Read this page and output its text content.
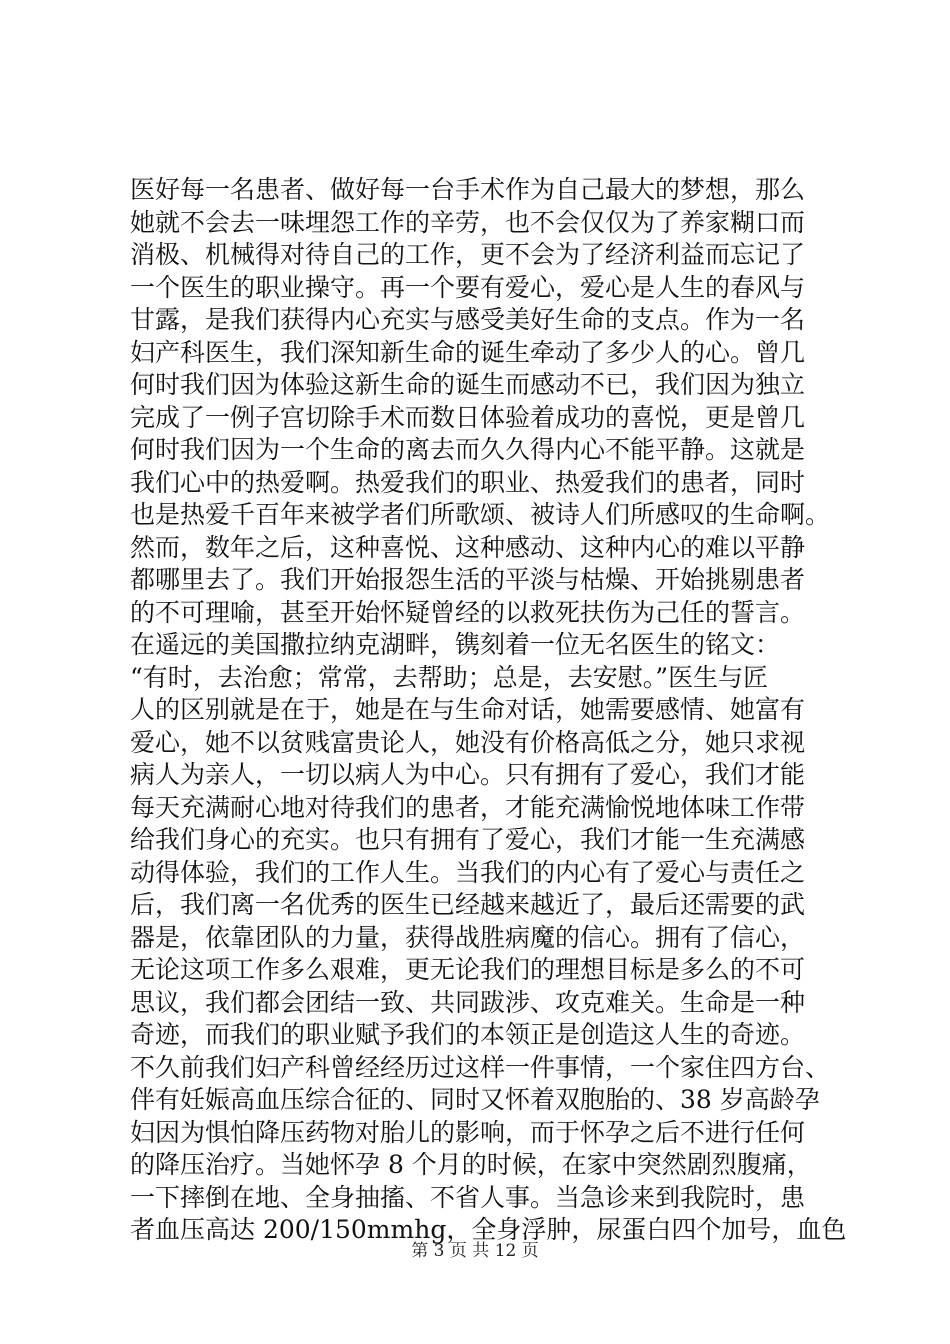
医好每一名患者、做好每一台手术作为自己最大的梦想，那么
她就不会去一味埋怨工作的辛劳，也不会仅仅为了养家糊口而
消极、机械得对待自己的工作，更不会为了经济利益而忘记了
一个医生的职业操守。再一个要有爱心，爱心是人生的春风与
甘露，是我们获得内心充实与感受美好生命的支点。作为一名
妇产科医生，我们深知新生命的诞生牵动了多少人的心。曾几
何时我们因为体验这新生命的诞生而感动不已，我们因为独立
完成了一例子宫切除手术而数日体验着成功的喜悦，更是曾几
何时我们因为一个生命的离去而久久得内心不能平静。这就是
我们心中的热爱啊。热爱我们的职业、热爱我们的患者，同时
也是热爱千百年来被学者们所歌颂、被诗人们所感叹的生命啊。
然而，数年之后，这种喜悦、这种感动、这种内心的难以平静
都哪里去了。我们开始报怨生活的平淡与枯燥、开始挑剔患者
的不可理喻，甚至开始怀疑曾经的以救死扶伤为己任的誓言。
在遥远的美国撒拉纳克湖畔，镌刻着一位无名医生的铭文：
“有时，去治愈；常常，去帮助；总是，去安慰。”医生与匠
人的区别就是在于，她是在与生命对话，她需要感情、她富有
爱心，她不以贫贱富贵论人，她没有价格高低之分，她只求视
病人为亲人，一切以病人为中心。只有拥有了爱心，我们才能
每天充满耐心地对待我们的患者，才能充满愉悦地体味工作带
给我们身心的充实。也只有拥有了爱心，我们才能一生充满感
动得体验，我们的工作人生。当我们的内心有了爱心与责任之
后，我们离一名优秀的医生已经越来越近了，最后还需要的武
器是，依靠团队的力量，获得战胜病魔的信心。拥有了信心，
无论这项工作多么艰难，更无论我们的理想目标是多么的不可
思议，我们都会团结一致、共同跋涉、攻克难关。生命是一种
奇迹，而我们的职业赋予我们的本领正是创造这人生的奇迹。
不久前我们妇产科曾经经历过这样一件事情，一个家住四方台、
伴有妊娠高血压综合征的、同时又怀着双胞胎的、38 岁高龄孕
妇因为惧怕降压药物对胎儿的影响，而于怀孕之后不进行任何
的降压治疗。当她怀孕 8 个月的时候，在家中突然剧烈腹痛，
一下摔倒在地、全身抽搐、不省人事。当急诊来到我院时，患
者血压高达 200/150mmhg，全身浮肿，尿蛋白四个加号，血色
第 3 页 共 12 页
